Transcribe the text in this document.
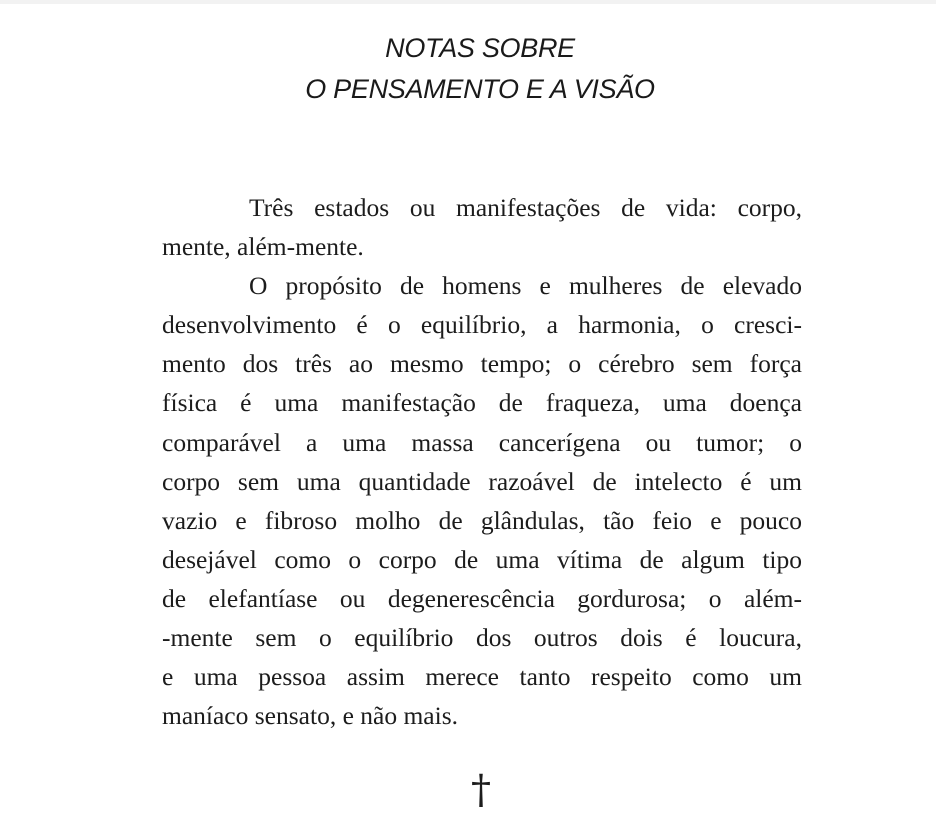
NOTAS SOBRE
O PENSAMENTO E A VISÃO
Três estados ou manifestações de vida: corpo,
mente, além-mente.
O propósito de homens e mulheres de elevado
desenvolvimento é o equilíbrio, a harmonia, o cresci-
mento dos três ao mesmo tempo; o cérebro sem força
física é uma manifestação de fraqueza, uma doença
comparável a uma massa cancerígena ou tumor; o
corpo sem uma quantidade razoável de intelecto é um
vazio e fibroso molho de glândulas, tão feio e pouco
desejável como o corpo de uma vítima de algum tipo
de elefantíase ou degenerescência gordurosa; o além-
-mente sem o equilíbrio dos outros dois é loucura,
e uma pessoa assim merece tanto respeito como um
maníaco sensato, e não mais.
†
